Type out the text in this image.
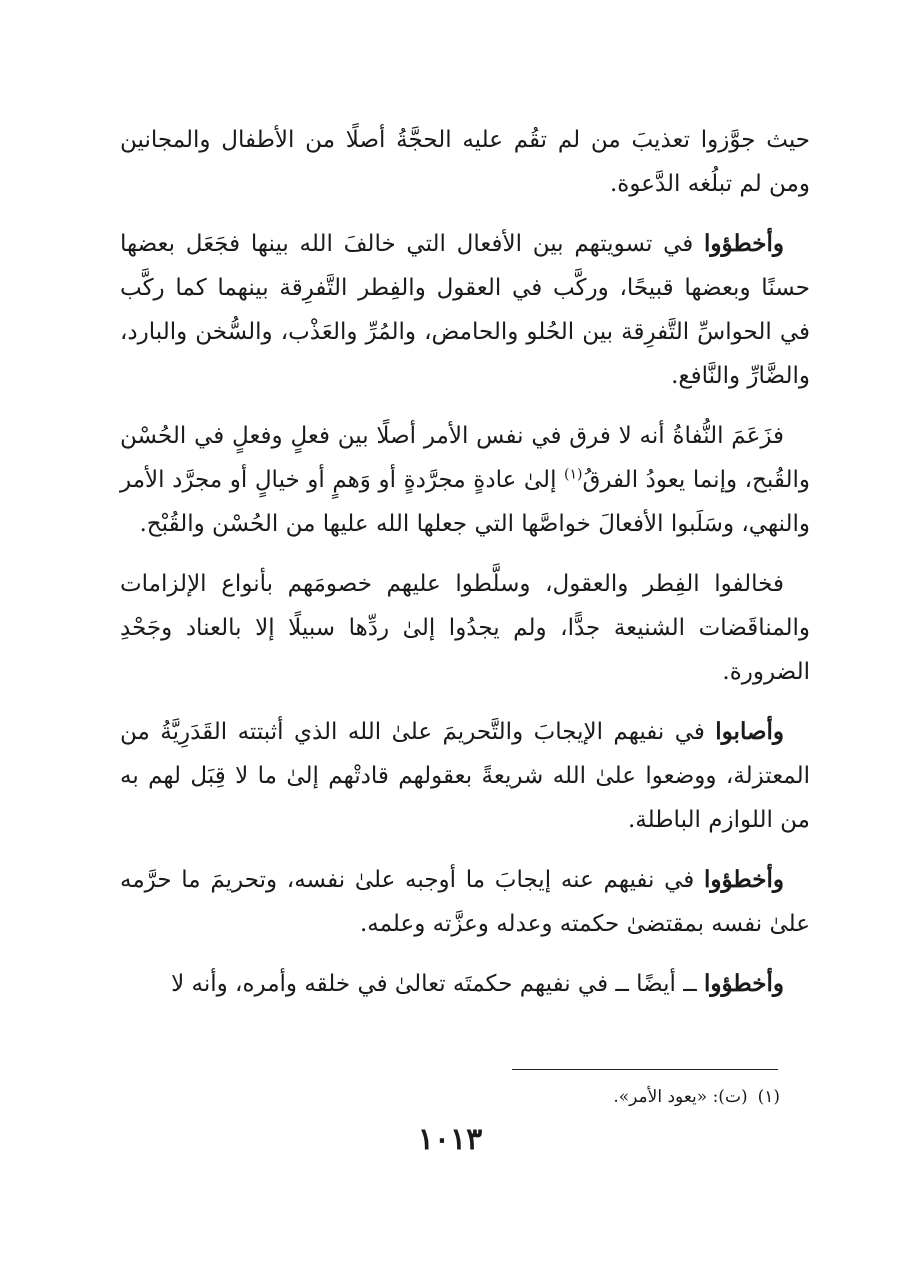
حيث جوَّزوا تعذيبَ من لم تقُم عليه الحجَّةُ أصلًا من الأطفال والمجانين ومن لم تبلُغه الدَّعوة.

وأخطؤوا في تسويتهم بين الأفعال التي خالفَ الله بينها فجَعَل بعضها حسنًا وبعضها قبيحًا، وركَّب في العقول والفِطر التَّفرِقة بينهما كما ركَّب في الحواسِّ التَّفرِقة بين الحُلو والحامض، والمُرِّ والعَذْب، والسُّخن والبارد، والضَّارِّ والنَّافع.

فزَعَمَ النُّفاةُ أنه لا فرق في نفس الأمر أصلًا بين فعلٍ وفعلٍ في الحُسْن والقُبح، وإنما يعودُ الفرقُ$^{(١)}$ إلىٰ عادةٍ مجرَّدةٍ أو وَهمٍ أو خيالٍ أو مجرَّد الأمر والنهي، وسَلَبوا الأفعالَ خواصَّها التي جعلها الله عليها من الحُسْن والقُبْح.

فخالفوا الفِطر والعقول، وسلَّطوا عليهم خصومَهم بأنواع الإلزامات والمناقَضات الشنيعة جدًّا، ولم يجدُوا إلىٰ ردِّها سبيلًا إلا بالعناد وجَحْدِ الضرورة.

وأصابوا في نفيهم الإيجابَ والتَّحريمَ علىٰ الله الذي أثبتته القَدَرِيَّةُ من المعتزلة، ووضعوا علىٰ الله شريعةً بعقولهم قادتْهم إلىٰ ما لا قِبَل لهم به من اللوازم الباطلة.

وأخطؤوا في نفيهم عنه إيجابَ ما أوجبه علىٰ نفسه، وتحريمَ ما حرَّمه علىٰ نفسه بمقتضىٰ حكمته وعدله وعزَّته وعلمه.

وأخطؤوا ــ أيضًا ــ في نفيهم حكمتَه تعالىٰ في خلقه وأمره، وأنه لا

(١)(ت): «يعود الأمر».
١٠١٣
